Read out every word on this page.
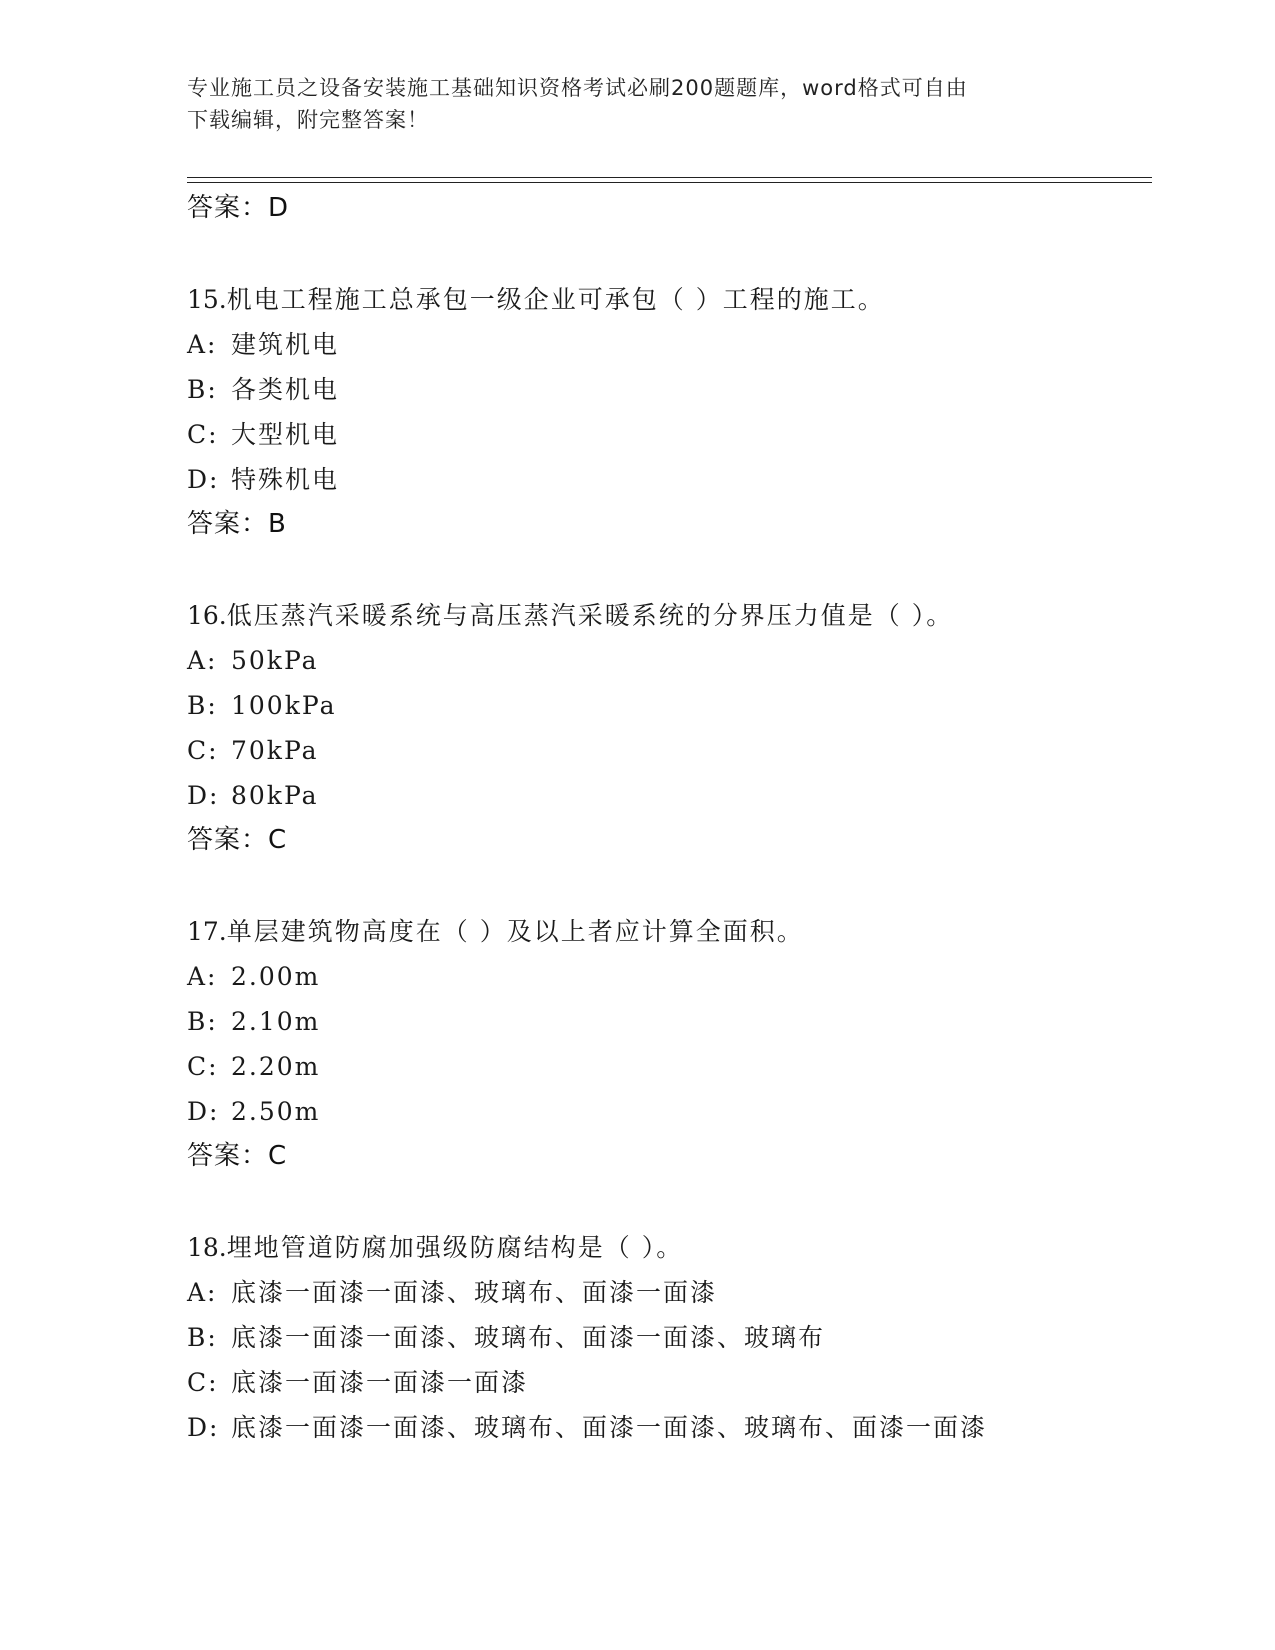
专业施工员之设备安装施工基础知识资格考试必刷200题题库，word格式可自由
下载编辑，附完整答案！
答案：D
15.机电工程施工总承包一级企业可承包（ ）工程的施工。
A: 建筑机电
B: 各类机电
C: 大型机电
D: 特殊机电
答案：B
16.低压蒸汽采暖系统与高压蒸汽采暖系统的分界压力值是（ ）。
A: 50kPa
B: 100kPa
C: 70kPa
D: 80kPa
答案：C
17.单层建筑物高度在（ ）及以上者应计算全面积。
A: 2.00m
B: 2.10m
C: 2.20m
D: 2.50m
答案：C
18.埋地管道防腐加强级防腐结构是（ ）。
A: 底漆一面漆一面漆、玻璃布、面漆一面漆
B: 底漆一面漆一面漆、玻璃布、面漆一面漆、玻璃布
C: 底漆一面漆一面漆一面漆
D: 底漆一面漆一面漆、玻璃布、面漆一面漆、玻璃布、面漆一面漆
